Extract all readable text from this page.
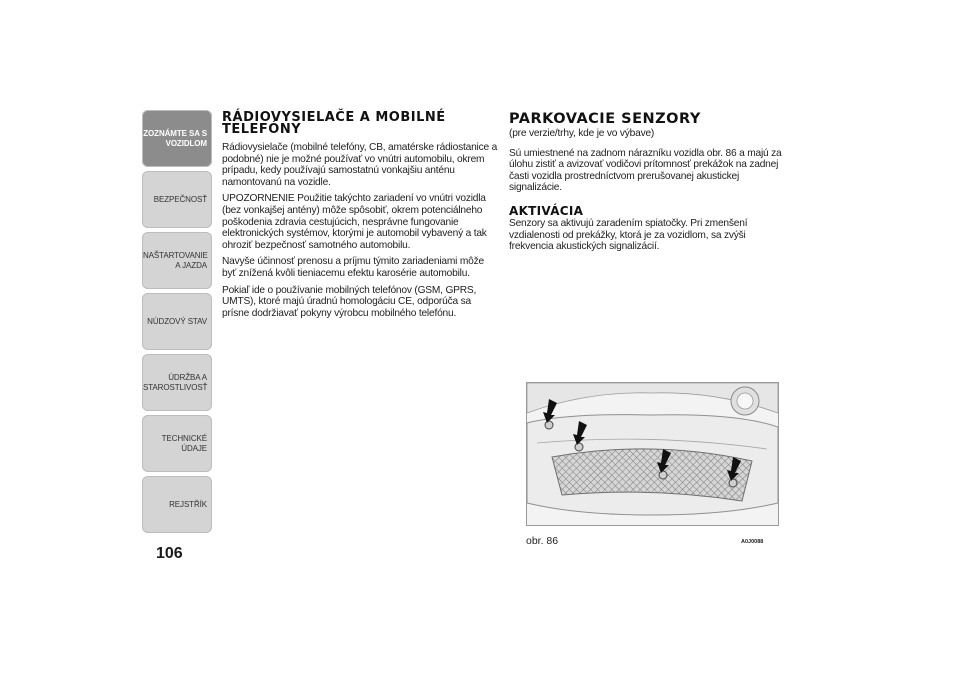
ZOZNÁMTE SA S VOZIDLOM
BEZPEČNOSŤ
NAŠTARTOVANIE A JAZDA
NÚDZOVÝ STAV
ÚDRŽBA A STAROSTLIVOSŤ
TECHNICKÉ ÚDAJE
REJSTŘÍK
106
RÁDIOVYSIELAČE A MOBILNÉ TELEFÓNY

Rádiovysielače (mobilné telefóny, CB, amatérske rádiostanice a podobné) nie je možné používať vo vnútri automobilu, okrem prípadu, kedy používajú samostatnú vonkajšiu anténu namontovanú na vozidle.

UPOZORNENIE Použitie takýchto zariadení vo vnútri vozidla (bez vonkajšej antény) môže spôsobiť, okrem potenciálneho poškodenia zdravia cestujúcich, nesprávne fungovanie elektronických systémov, ktorými je automobil vybavený a tak ohroziť bezpečnosť samotného automobilu.

Navyše účinnosť prenosu a príjmu týmito zariadeniami môže byť znížená kvôli tieniacemu efektu karosérie automobilu.

Pokiaľ ide o používanie mobilných telefónov (GSM, GPRS, UMTS), ktoré majú úradnú homologáciu CE, odporúča sa prísne dodržiavať pokyny výrobcu mobilného telefónu.

PARKOVACIE SENZORY

(pre verzie/trhy, kde je vo výbave)

Sú umiestnené na zadnom nárazníku vozidla obr. 86 a majú za úlohu zistiť a avizovať vodičovi prítomnosť prekážok na zadnej časti vozidla prostredníctvom prerušovanej akustickej signalizácie.

AKTIVÁCIA

Senzory sa aktivujú zaradením spiatočky. Pri zmenšení vzdialenosti od prekážky, ktorá je za vozidlom, sa zvýši frekvencia akustických signalizácií.

obr. 86	A0J0088
